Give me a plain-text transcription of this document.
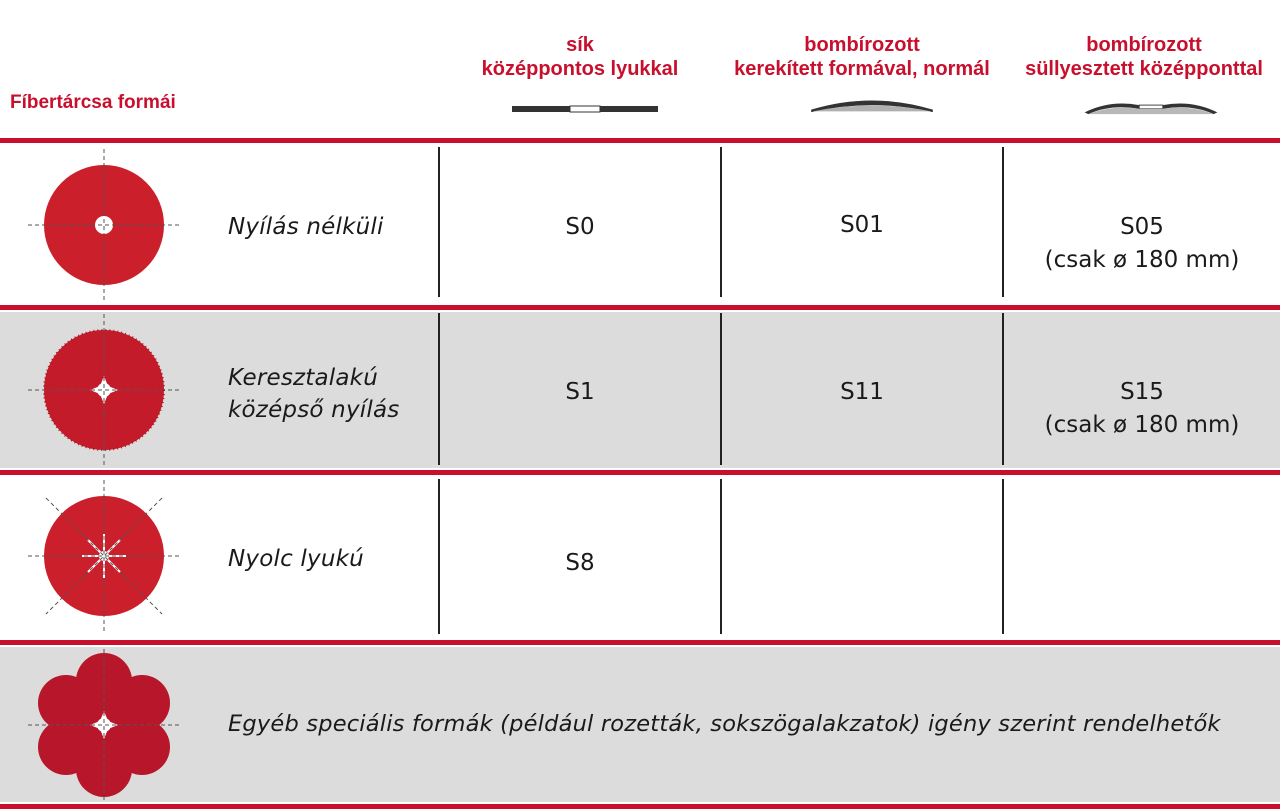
Fíbertárcsa formái
sík
középpontos lyukkal
bombírozott
kerekített formával, normál
bombírozott
süllyesztett középponttal
Nyílás nélküli	S0	S01	S05
(csak ø 180 mm)
Keresztalakú
középső nyílás
S1	S11	S15
(csak ø 180 mm)
Nyolc lyukú	S8
Egyéb speciális formák (például rozetták, sokszögalakzatok) igény szerint rendelhetők
